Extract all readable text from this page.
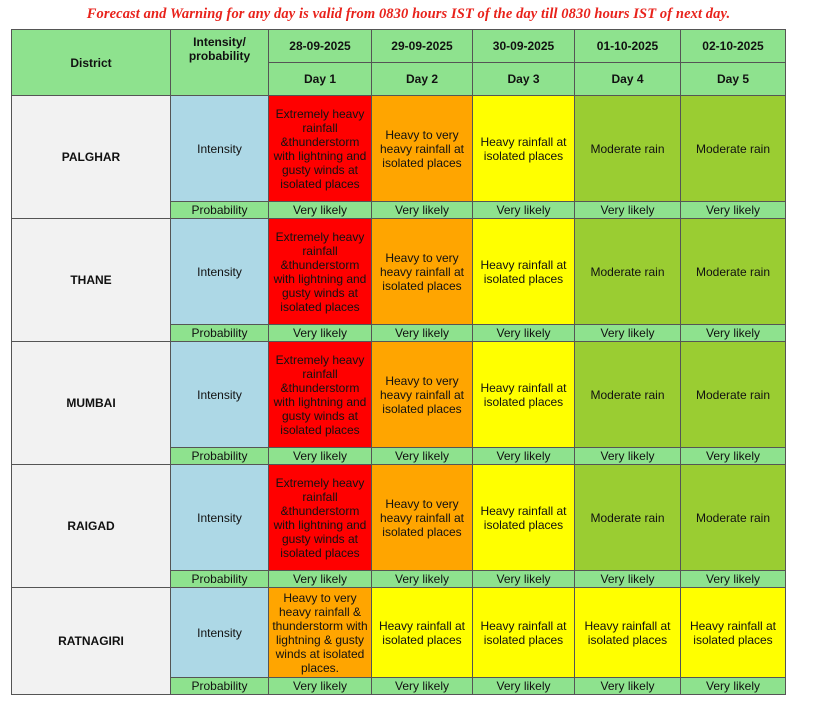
Forecast and Warning for any day is valid from 0830 hours IST of the day till 0830 hours IST of next day.
District	Intensity/ probability	28-09-2025	29-09-2025	30-09-2025	01-10-2025	02-10-2025
		Day 1	Day 2	Day 3	Day 4	Day 5
PALGHAR	Intensity	Extremely heavy rainfall &thunderstorm with lightning and gusty winds at isolated places	Heavy to very heavy rainfall at isolated places	Heavy rainfall at isolated places	Moderate rain	Moderate rain
	Probability	Very likely	Very likely	Very likely	Very likely	Very likely
THANE	Intensity	Extremely heavy rainfall &thunderstorm with lightning and gusty winds at isolated places	Heavy to very heavy rainfall at isolated places	Heavy rainfall at isolated places	Moderate rain	Moderate rain
	Probability	Very likely	Very likely	Very likely	Very likely	Very likely
MUMBAI	Intensity	Extremely heavy rainfall &thunderstorm with lightning and gusty winds at isolated places	Heavy to very heavy rainfall at isolated places	Heavy rainfall at isolated places	Moderate rain	Moderate rain
	Probability	Very likely	Very likely	Very likely	Very likely	Very likely
RAIGAD	Intensity	Extremely heavy rainfall &thunderstorm with lightning and gusty winds at isolated places	Heavy to very heavy rainfall at isolated places	Heavy rainfall at isolated places	Moderate rain	Moderate rain
	Probability	Very likely	Very likely	Very likely	Very likely	Very likely
RATNAGIRI	Intensity	Heavy to very heavy rainfall & thunderstorm with lightning & gusty winds at isolated places.	Heavy rainfall at isolated places	Heavy rainfall at isolated places	Heavy rainfall at isolated places	Heavy rainfall at isolated places
	Probability	Very likely	Very likely	Very likely	Very likely	Very likely
